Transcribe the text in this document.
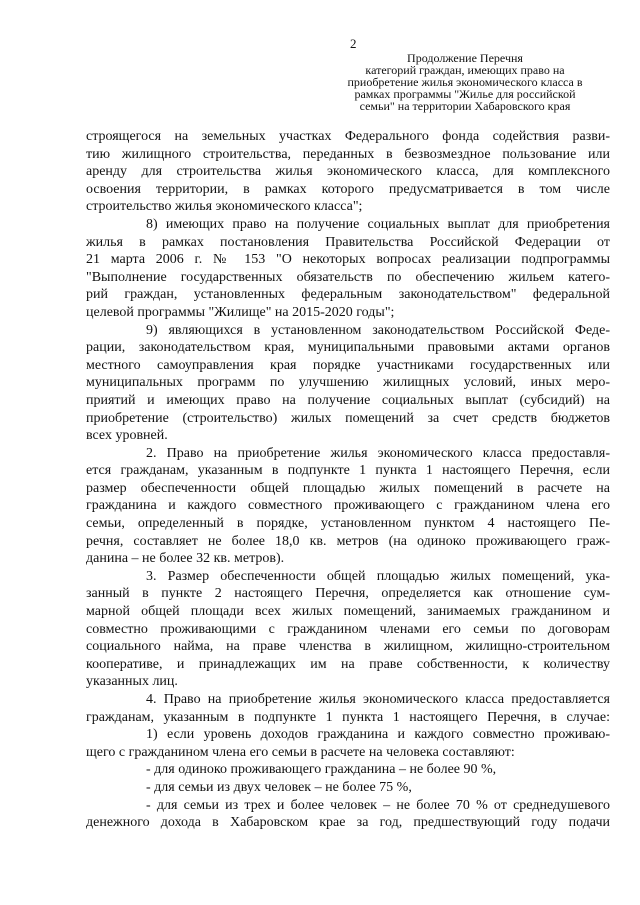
2
Продолжение Перечня
категорий граждан, имеющих право на
приобретение жилья экономического класса в
рамках программы "Жилье для российской
семьи" на территории Хабаровского края
строящегося на земельных участках Федерального фонда содействия разви-
тию жилищного строительства, переданных в безвозмездное пользование или
аренду для строительства жилья экономического класса, для комплексного
освоения территории, в рамках которого предусматривается в том числе
строительство жилья экономического класса";
8) имеющих право на получение социальных выплат для приобретения
жилья в рамках постановления Правительства Российской Федерации от
21 марта 2006 г. № 153 "О некоторых вопросах реализации подпрограммы
"Выполнение государственных обязательств по обеспечению жильем катего-
рий граждан, установленных федеральным законодательством" федеральной
целевой программы "Жилище" на 2015-2020 годы";
9) являющихся в установленном законодательством Российской Феде-
рации, законодательством края, муниципальными правовыми актами органов
местного самоуправления края порядке участниками государственных или
муниципальных программ по улучшению жилищных условий, иных меро-
приятий и имеющих право на получение социальных выплат (субсидий) на
приобретение (строительство) жилых помещений за счет средств бюджетов
всех уровней.
2. Право на приобретение жилья экономического класса предоставля-
ется гражданам, указанным в подпункте 1 пункта 1 настоящего Перечня, если
размер обеспеченности общей площадью жилых помещений в расчете на
гражданина и каждого совместного проживающего с гражданином члена его
семьи, определенный в порядке, установленном пунктом 4 настоящего Пе-
речня, составляет не более 18,0 кв. метров (на одиноко проживающего граж-
данина – не более 32 кв. метров).
3. Размер обеспеченности общей площадью жилых помещений, ука-
занный в пункте 2 настоящего Перечня, определяется как отношение сум-
марной общей площади всех жилых помещений, занимаемых гражданином и
совместно проживающими с гражданином членами его семьи по договорам
социального найма, на праве членства в жилищном, жилищно-строительном
кооперативе, и принадлежащих им на праве собственности, к количеству
указанных лиц.
4. Право на приобретение жилья экономического класса предоставляется
гражданам, указанным в подпункте 1 пункта 1 настоящего Перечня, в случае:
1) если уровень доходов гражданина и каждого совместно проживаю-
щего с гражданином члена его семьи в расчете на человека составляют:
- для одиноко проживающего гражданина – не более 90 %,
- для семьи из двух человек – не более 75 %,
- для семьи из трех и более человек – не более 70 % от среднедушевого
денежного дохода в Хабаровском крае за год, предшествующий году подачи
